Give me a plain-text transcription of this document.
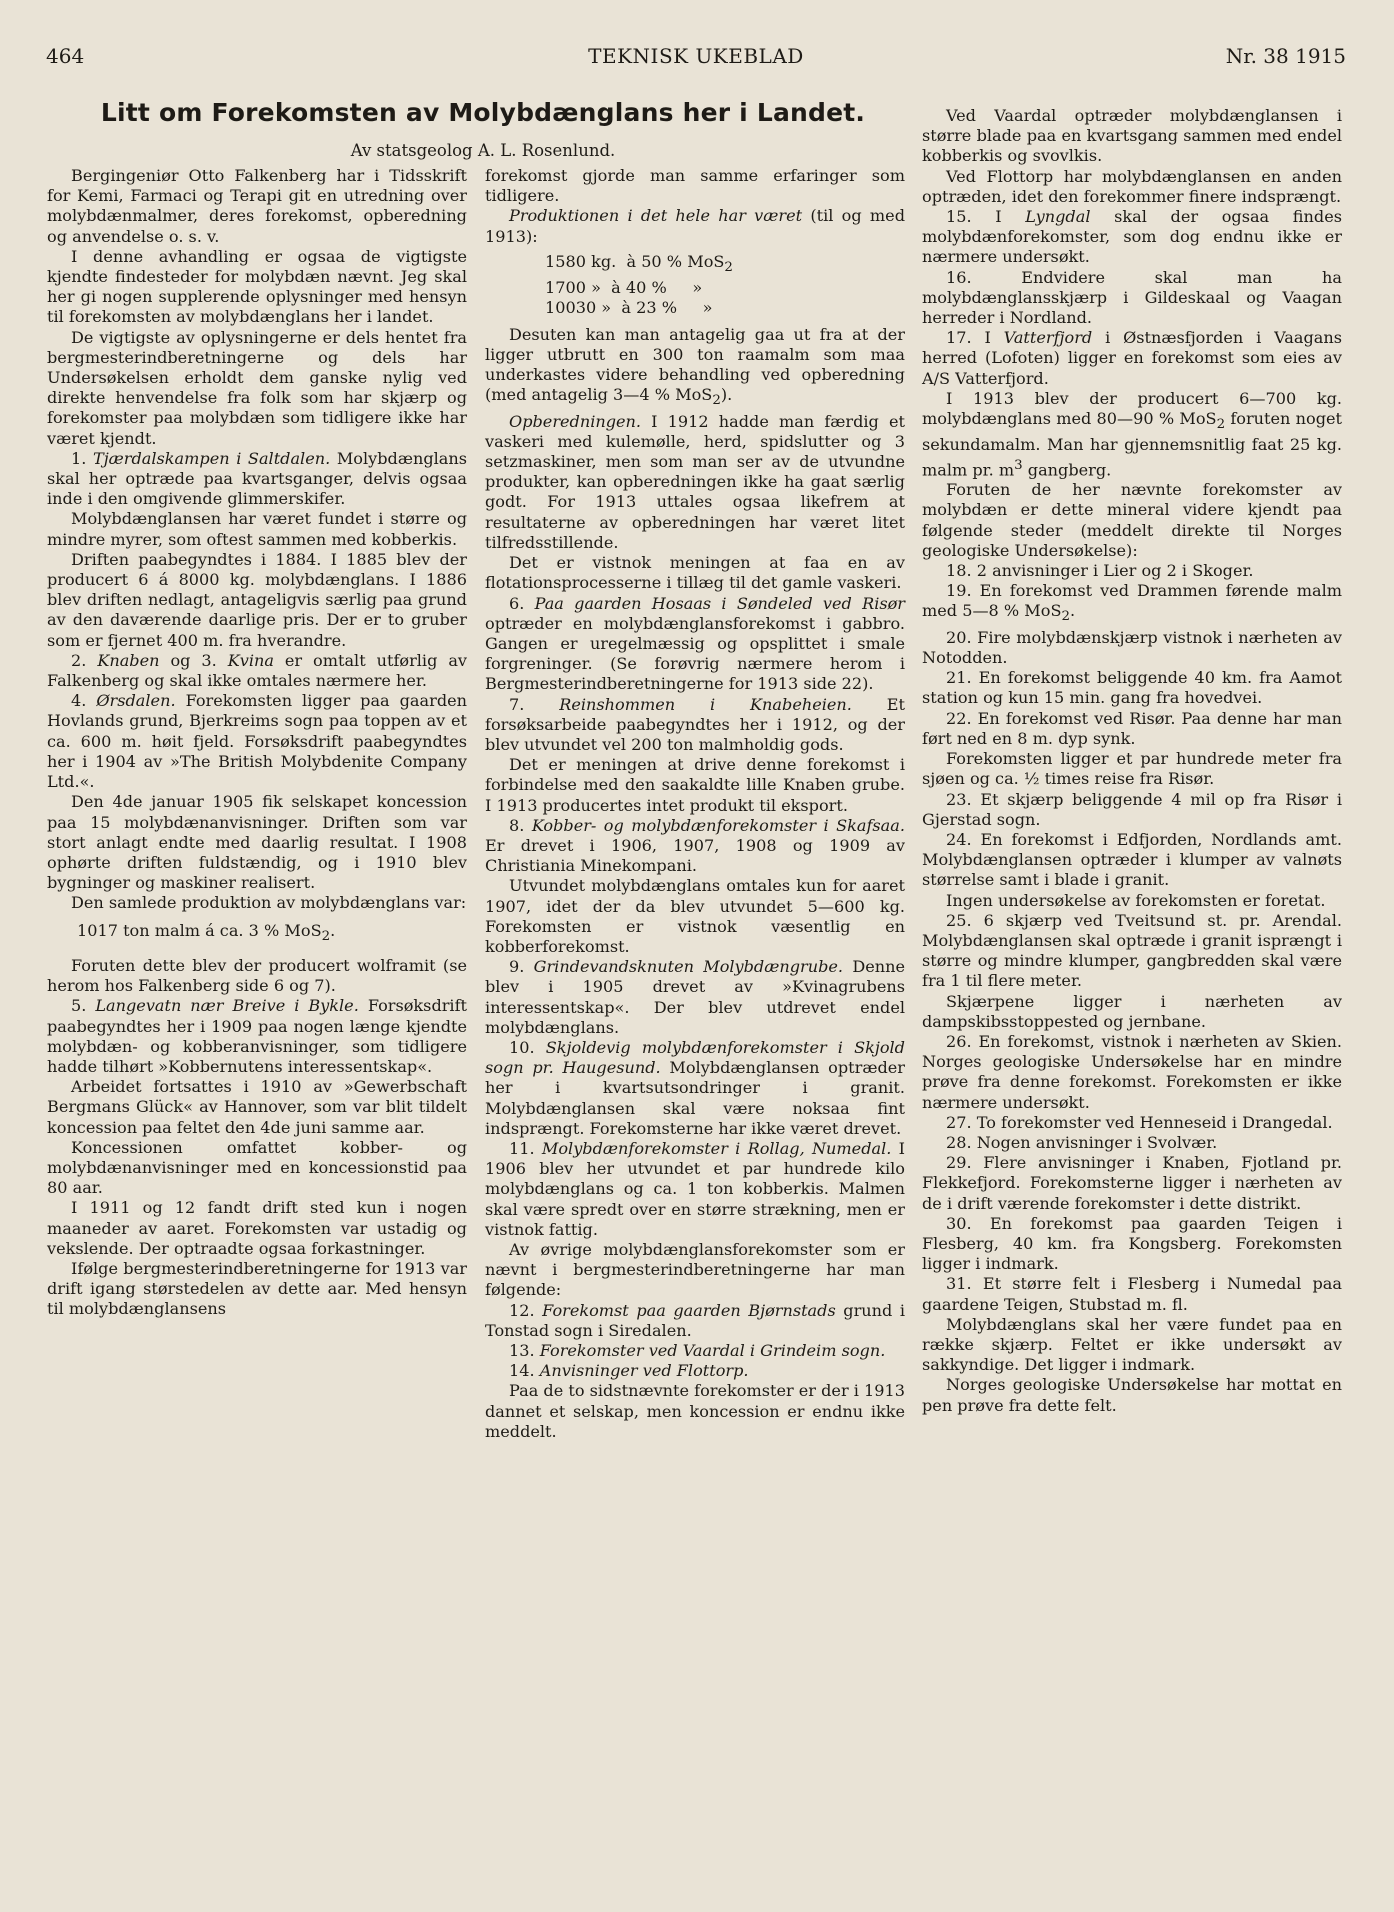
464	TEKNISK UKEBLAD	Nr. 38 1915
Litt om Forekomsten av Molybdænglans her i Landet.
Av statsgeolog A. L. Rosenlund.

Bergingeniør Otto Falkenberg har i Tidsskrift for Kemi, Farmaci og Terapi git en utredning over molybdænmalmer, deres forekomst, opberedning og anvendelse o. s. v.

I denne avhandling er ogsaa de vigtigste kjendte findesteder for molybdæn nævnt. Jeg skal her gi nogen supplerende oplysninger med hensyn til forekomsten av molybdænglans her i landet.

De vigtigste av oplysningerne er dels hentet fra bergmesterindberetningerne og dels har Undersøkelsen erholdt dem ganske nylig ved direkte henvendelse fra folk som har skjærp og forekomster paa molybdæn som tidligere ikke har været kjendt.

1. Tjærdalskampen i Saltdalen. Molybdænglans skal her optræde paa kvartsganger, delvis ogsaa inde i den omgivende glimmerskifer.

Molybdænglansen har været fundet i større og mindre myrer, som oftest sammen med kobberkis.

Driften paabegyndtes i 1884. I 1885 blev der producert 6 á 8000 kg. molybdænglans. I 1886 blev driften nedlagt, antageligvis særlig paa grund av den daværende daarlige pris. Der er to gruber som er fjernet 400 m. fra hverandre.

2. Knaben og 3. Kvina er omtalt utførlig av Falkenberg og skal ikke omtales nærmere her.

4. Ørsdalen. Forekomsten ligger paa gaarden Hovlands grund, Bjerkreims sogn paa toppen av et ca. 600 m. høit fjeld. Forsøksdrift paabegyndtes her i 1904 av »The British Molybdenite Company Ltd.«.

Den 4de januar 1905 fik selskapet koncession paa 15 molybdænanvisninger. Driften som var stort anlagt endte med daarlig resultat. I 1908 ophørte driften fuldstændig, og i 1910 blev bygninger og maskiner realisert.

Den samlede produktion av molybdænglans var:

1017 ton malm á ca. 3 % MoS$_2$.

Foruten dette blev der producert wolframit (se herom hos Falkenberg side 6 og 7).

5. Langevatn nær Breive i Bykle. Forsøksdrift paabegyndtes her i 1909 paa nogen længe kjendte molybdæn- og kobberanvisninger, som tidligere hadde tilhørt »Kobbernutens interessentskap«.

Arbeidet fortsattes i 1910 av »Gewerbschaft Bergmans Glück« av Hannover, som var blit tildelt koncession paa feltet den 4de juni samme aar.

Koncessionen omfattet kobber- og molybdænanvisninger med en koncessionstid paa 80 aar.

I 1911 og 12 fandt drift sted kun i nogen maaneder av aaret. Forekomsten var ustadig og vekslende. Der optraadte ogsaa forkastninger.

Ifølge bergmesterindberetningerne for 1913 var drift igang størstedelen av dette aar. Med hensyn til molybdænglansens

forekomst gjorde man samme erfaringer som tidligere.

Produktionen i det hele har været (til og med 1913):

1580 kg. à 50 % MoS$_2$
1700 » à 40 % »
10030 » à 23 % »

Desuten kan man antagelig gaa ut fra at der ligger utbrutt en 300 ton raamalm som maa underkastes videre behandling ved opberedning (med antagelig 3—4 % MoS$_2$).

Opberedningen. I 1912 hadde man færdig et vaskeri med kulemølle, herd, spidslutter og 3 setzmaskiner, men som man ser av de utvundne produkter, kan opberedningen ikke ha gaat særlig godt. For 1913 uttales ogsaa likefrem at resultaterne av opberedningen har været litet tilfredsstillende.

Det er vistnok meningen at faa en av flotationsprocesserne i tillæg til det gamle vaskeri.

6. Paa gaarden Hosaas i Søndeled ved Risør optræder en molybdænglansforekomst i gabbro. Gangen er uregelmæssig og opsplittet i smale forgreninger. (Se forøvrig nærmere herom i Bergmesterindberetningerne for 1913 side 22).

7. Reinshommen i Knabeheien. Et forsøksarbeide paabegyndtes her i 1912, og der blev utvundet vel 200 ton malmholdig gods.

Det er meningen at drive denne forekomst i forbindelse med den saakaldte lille Knaben grube. I 1913 producertes intet produkt til eksport.

8. Kobber- og molybdænforekomster i Skafsaa. Er drevet i 1906, 1907, 1908 og 1909 av Christiania Minekompani.

Utvundet molybdænglans omtales kun for aaret 1907, idet der da blev utvundet 5—600 kg. Forekomsten er vistnok væsentlig en kobberforekomst.

9. Grindevandsknuten Molybdængrube. Denne blev i 1905 drevet av »Kvinagrubens interessentskap«. Der blev utdrevet endel molybdænglans.

10. Skjoldevig molybdænforekomster i Skjold sogn pr. Haugesund. Molybdænglansen optræder her i kvartsutsondringer i granit. Molybdænglansen skal være noksaa fint indsprængt. Forekomsterne har ikke været drevet.

11. Molybdænforekomster i Rollag, Numedal. I 1906 blev her utvundet et par hundrede kilo molybdænglans og ca. 1 ton kobberkis. Malmen skal være spredt over en større strækning, men er vistnok fattig.

Av øvrige molybdænglansforekomster som er nævnt i bergmesterindberetningerne har man følgende:

12. Forekomst paa gaarden Bjørnstads grund i Tonstad sogn i Siredalen.

13. Forekomster ved Vaardal i Grindeim sogn.

14. Anvisninger ved Flottorp.

Paa de to sidstnævnte forekomster er der i 1913 dannet et selskap, men koncession er endnu ikke meddelt.

Ved Vaardal optræder molybdænglansen i større blade paa en kvartsgang sammen med endel kobberkis og svovlkis.

Ved Flottorp har molybdænglansen en anden optræden, idet den forekommer finere indsprængt.

15. I Lyngdal skal der ogsaa findes molybdænforekomster, som dog endnu ikke er nærmere undersøkt.

16. Endvidere skal man ha molybdænglansskjærp i Gildeskaal og Vaagan herreder i Nordland.

17. I Vatterfjord i Østnæsfjorden i Vaagans herred (Lofoten) ligger en forekomst som eies av A/S Vatterfjord.

I 1913 blev der producert 6—700 kg. molybdænglans med 80—90 % MoS$_2$ foruten noget sekundamalm. Man har gjennemsnitlig faat 25 kg. malm pr. $m^3$ gangberg.

Foruten de her nævnte forekomster av molybdæn er dette mineral videre kjendt paa følgende steder (meddelt direkte til Norges geologiske Undersøkelse):

18. 2 anvisninger i Lier og 2 i Skoger.

19. En forekomst ved Drammen førende malm med 5—8 % MoS$_2$.

20. Fire molybdænskjærp vistnok i nærheten av Notodden.

21. En forekomst beliggende 40 km. fra Aamot station og kun 15 min. gang fra hovedvei.

22. En forekomst ved Risør. Paa denne har man ført ned en 8 m. dyp synk.

Forekomsten ligger et par hundrede meter fra sjøen og ca. ½ times reise fra Risør.

23. Et skjærp beliggende 4 mil op fra Risør i Gjerstad sogn.

24. En forekomst i Edfjorden, Nordlands amt. Molybdænglansen optræder i klumper av valnøts størrelse samt i blade i granit.

Ingen undersøkelse av forekomsten er foretat.

25. 6 skjærp ved Tveitsund st. pr. Arendal. Molybdænglansen skal optræde i granit isprængt i større og mindre klumper, gangbredden skal være fra 1 til flere meter.

Skjærpene ligger i nærheten av dampskibsstoppested og jernbane.

26. En forekomst, vistnok i nærheten av Skien. Norges geologiske Undersøkelse har en mindre prøve fra denne forekomst. Forekomsten er ikke nærmere undersøkt.

27. To forekomster ved Henneseid i Drangedal.

28. Nogen anvisninger i Svolvær.

29. Flere anvisninger i Knaben, Fjotland pr. Flekkefjord. Forekomsterne ligger i nærheten av de i drift værende forekomster i dette distrikt.

30. En forekomst paa gaarden Teigen i Flesberg, 40 km. fra Kongsberg. Forekomsten ligger i indmark.

31. Et større felt i Flesberg i Numedal paa gaardene Teigen, Stubstad m. fl.

Molybdænglans skal her være fundet paa en række skjærp. Feltet er ikke undersøkt av sakkyndige. Det ligger i indmark.

Norges geologiske Undersøkelse har mottat en pen prøve fra dette felt.
